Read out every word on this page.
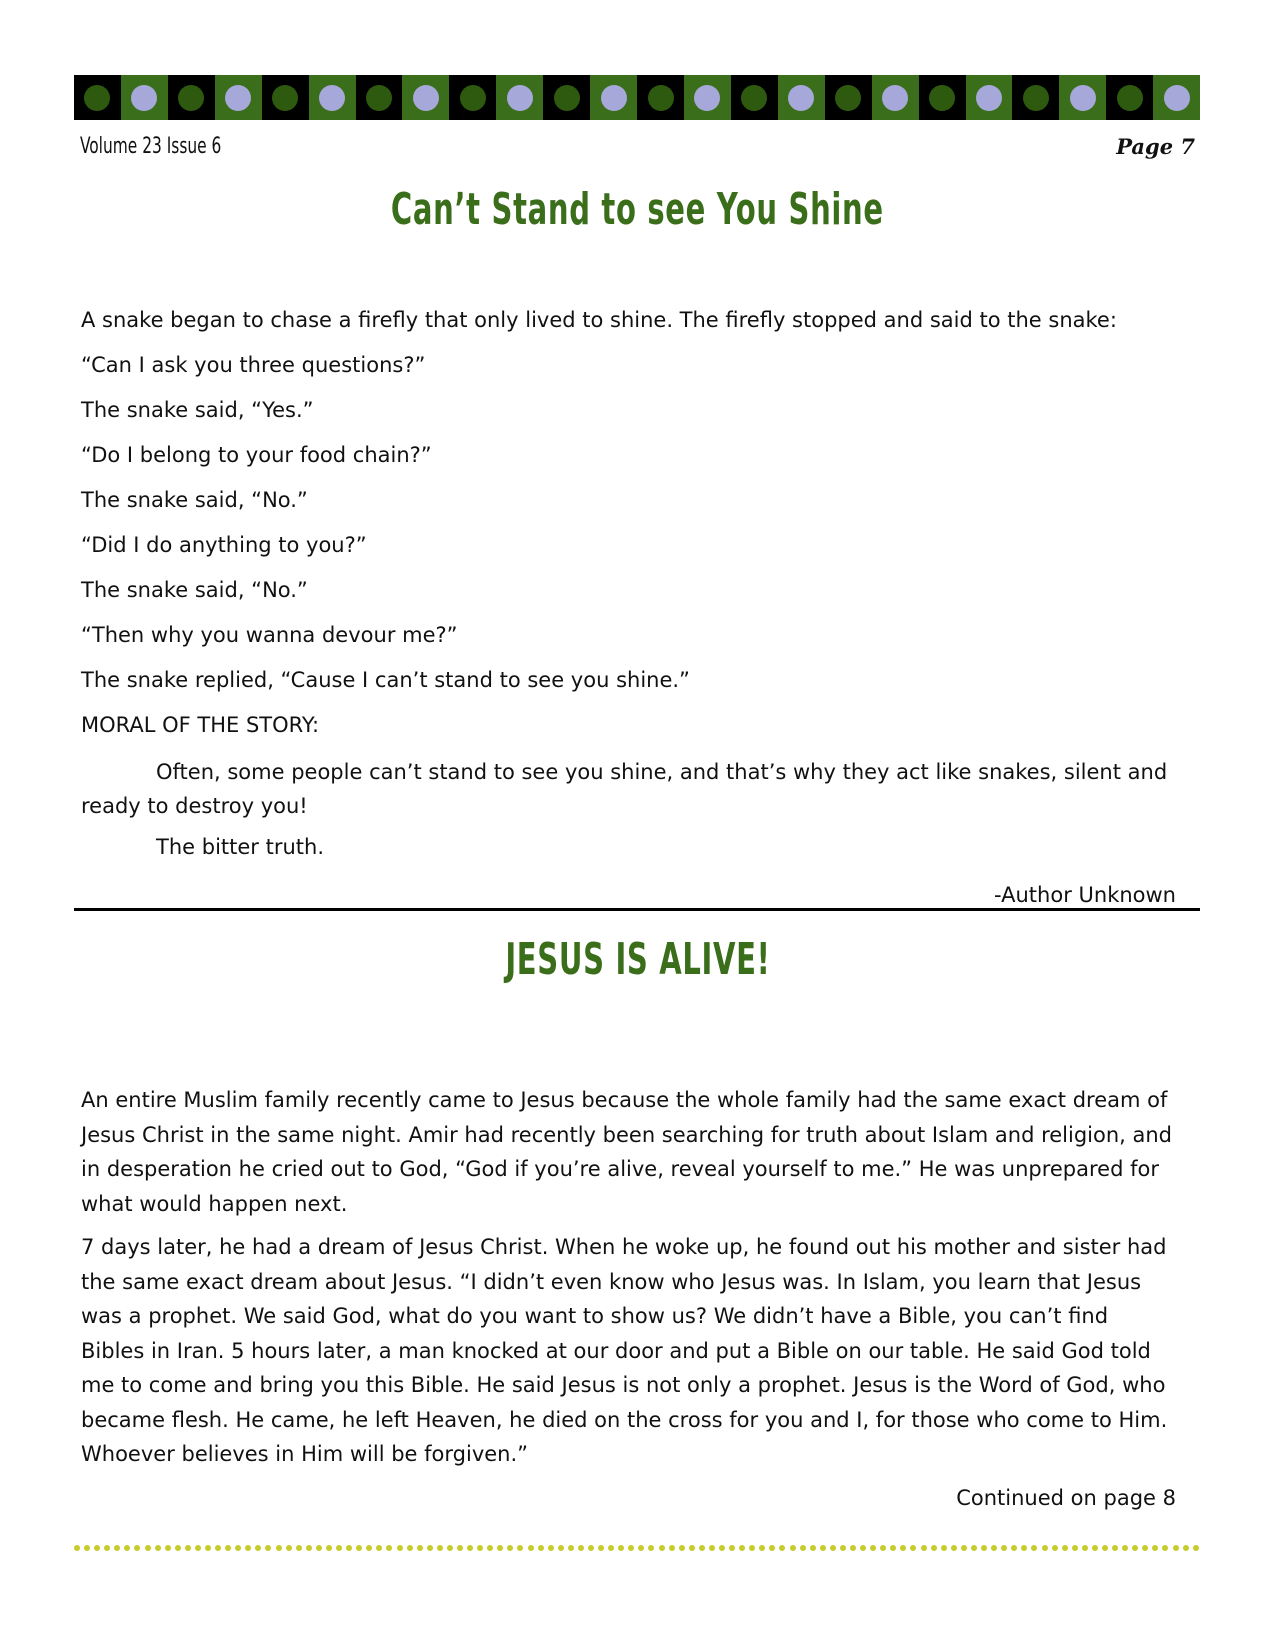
Volume 23 Issue 6	Page 7
Can’t Stand to see You Shine

A snake began to chase a firefly that only lived to shine. The firefly stopped and said to the snake:

“Can I ask you three questions?”

The snake said, “Yes.”

“Do I belong to your food chain?”

The snake said, “No.”

“Did I do anything to you?”

The snake said, “No.”

“Then why you wanna devour me?”

The snake replied, “Cause I can’t stand to see you shine.”

MORAL OF THE STORY:

Often, some people can’t stand to see you shine, and that’s why they act like snakes, silent and ready to destroy you!

The bitter truth.

-Author Unknown

JESUS IS ALIVE!

An entire Muslim family recently came to Jesus because the whole family had the same exact dream of Jesus Christ in the same night. Amir had recently been searching for truth about Islam and religion, and in desperation he cried out to God, “God if you’re alive, reveal yourself to me.” He was unprepared for what would happen next.

7 days later, he had a dream of Jesus Christ. When he woke up, he found out his mother and sister had the same exact dream about Jesus. “I didn’t even know who Jesus was. In Islam, you learn that Jesus was a prophet. We said God, what do you want to show us? We didn’t have a Bible, you can’t find Bibles in Iran. 5 hours later, a man knocked at our door and put a Bible on our table. He said God told me to come and bring you this Bible. He said Jesus is not only a prophet. Jesus is the Word of God, who became flesh. He came, he left Heaven, he died on the cross for you and I, for those who come to Him. Whoever believes in Him will be forgiven.”

Continued on page 8
